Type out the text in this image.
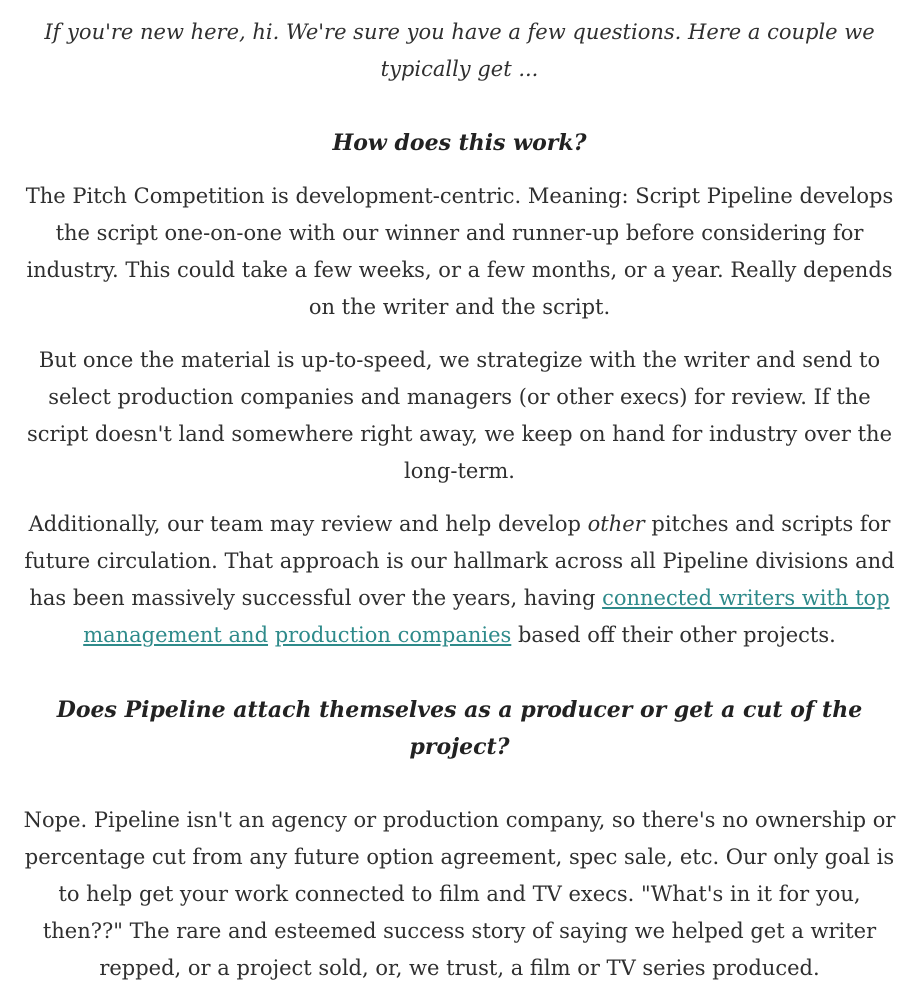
If you're new here, hi. We're sure you have a few questions. Here a couple we typically get ...

How does this work?

The Pitch Competition is development-centric. Meaning: Script Pipeline develops the script one-on-one with our winner and runner-up before considering for industry. This could take a few weeks, or a few months, or a year. Really depends on the writer and the script.

But once the material is up-to-speed, we strategize with the writer and send to select production companies and managers (or other execs) for review. If the script doesn't land somewhere right away, we keep on hand for industry over the long-term.

Additionally, our team may review and help develop other pitches and scripts for future circulation. That approach is our hallmark across all Pipeline divisions and has been massively successful over the years, having connected writers with top management and production companies based off their other projects.

Does Pipeline attach themselves as a producer or get a cut of the project?

Nope. Pipeline isn't an agency or production company, so there's no ownership or percentage cut from any future option agreement, spec sale, etc. Our only goal is to help get your work connected to film and TV execs. "What's in it for you, then??" The rare and esteemed success story of saying we helped get a writer repped, or a project sold, or, we trust, a film or TV series produced.
